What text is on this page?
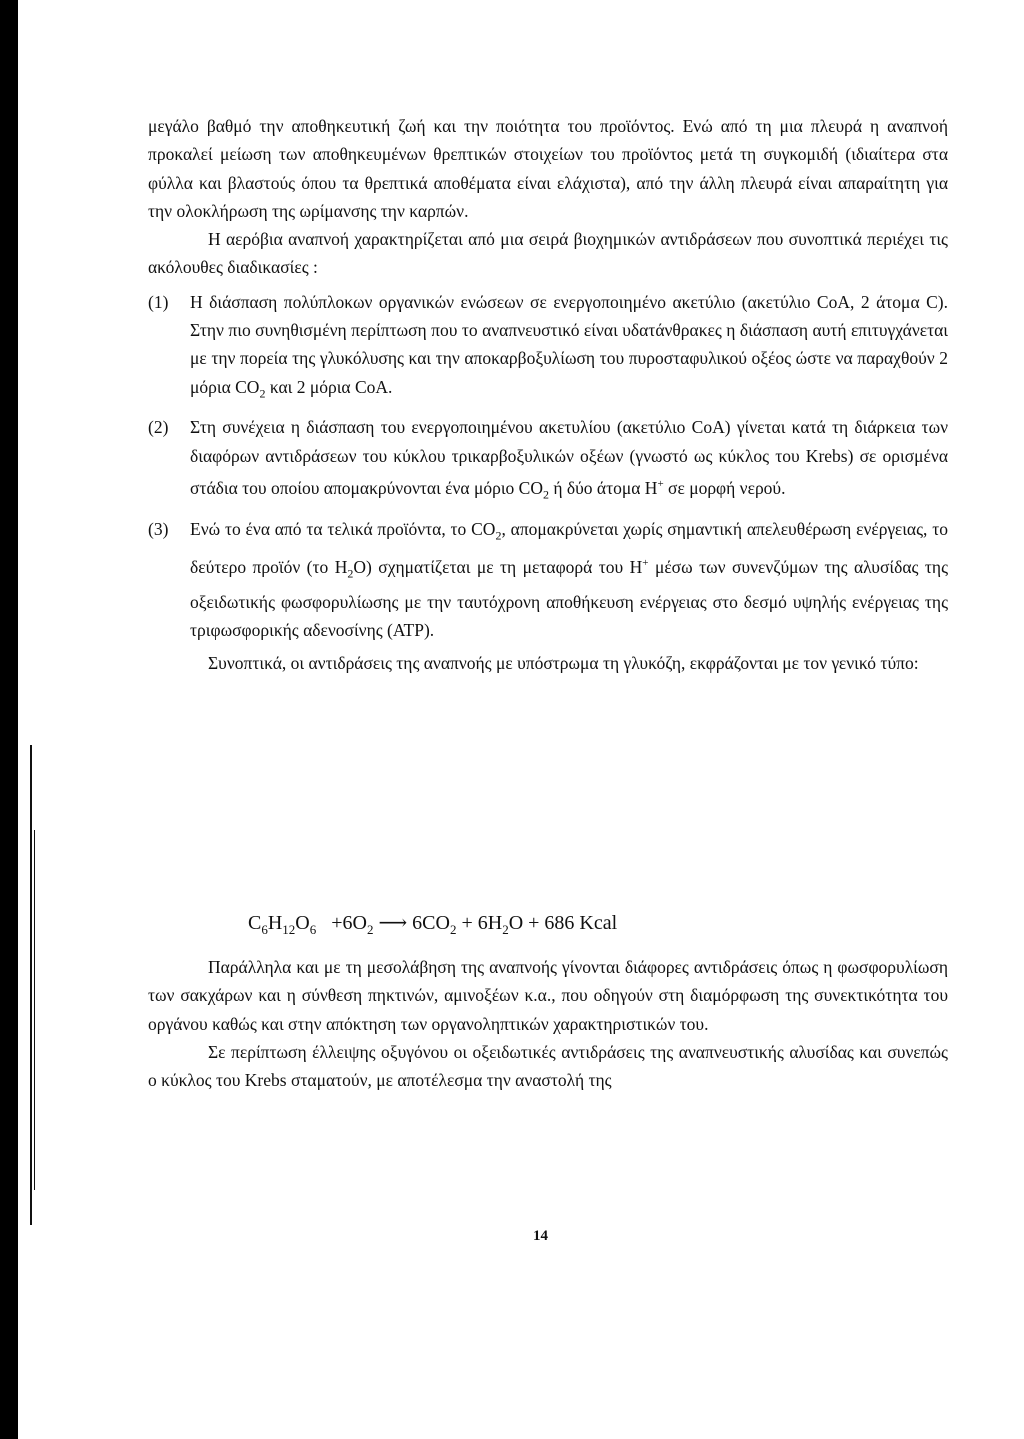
μεγάλο βαθμό την αποθηκευτική ζωή και την ποιότητα του προϊόντος. Ενώ από τη μια πλευρά η αναπνοή προκαλεί μείωση των αποθηκευμένων θρεπτικών στοιχείων του προϊόντος μετά τη συγκομιδή (ιδιαίτερα στα φύλλα και βλαστούς όπου τα θρεπτικά αποθέματα είναι ελάχιστα), από την άλλη πλευρά είναι απαραίτητη για την ολοκλήρωση της ωρίμανσης την καρπών.

Η αερόβια αναπνοή χαρακτηρίζεται από μια σειρά βιοχημικών αντιδράσεων που συνοπτικά περιέχει τις ακόλουθες διαδικασίες :

(1)	Η διάσπαση πολύπλοκων οργανικών ενώσεων σε ενεργοποιημένο ακετύλιο (ακετύλιο CoA, 2 άτομα C). Στην πιο συνηθισμένη περίπτωση που το αναπνευστικό είναι υδατάνθρακες η διάσπαση αυτή επιτυγχάνεται με την πορεία της γλυκόλυσης και την αποκαρβοξυλίωση του πυροσταφυλικού οξέος ώστε να παραχθούν 2 μόρια $CO_2$ και 2 μόρια CoA.
(2)	Στη συνέχεια η διάσπαση του ενεργοποιημένου ακετυλίου (ακετύλιο CoA) γίνεται κατά τη διάρκεια των διαφόρων αντιδράσεων του κύκλου τρικαρβοξυλικών οξέων (γνωστό ως κύκλος του Krebs) σε ορισμένα στάδια του οποίου απομακρύνονται ένα μόριο $CO_2$ ή δύο άτομα H+ σε μορφή νερού.
(3)	Ενώ το ένα από τα τελικά προϊόντα, το $CO_2$, απομακρύνεται χωρίς σημαντική απελευθέρωση ενέργειας, το δεύτερο προϊόν (το $H_2O$) σχηματίζεται με τη μεταφορά του H+ μέσω των συνενζύμων της αλυσίδας της οξειδωτικής φωσφορυλίωσης με την ταυτόχρονη αποθήκευση ενέργειας στο δεσμό υψηλής ενέργειας της τριφωσφορικής αδενοσίνης (ATP).

Συνοπτικά, οι αντιδράσεις της αναπνοής με υπόστρωμα τη γλυκόζη, εκφράζονται με τον γενικό τύπο:

$C_6H_{12}O_6 +6O_2$ ⟶ $6CO_2 + 6H_2O + 686$ Kcal

Παράλληλα και με τη μεσολάβηση της αναπνοής γίνονται διάφορες αντιδράσεις όπως η φωσφορυλίωση των σακχάρων και η σύνθεση πηκτινών, αμινοξέων κ.α., που οδηγούν στη διαμόρφωση της συνεκτικότητα του οργάνου καθώς και στην απόκτηση των οργανοληπτικών χαρακτηριστικών του.

Σε περίπτωση έλλειψης οξυγόνου οι οξειδωτικές αντιδράσεις της αναπνευστικής αλυσίδας και συνεπώς ο κύκλος του Krebs σταματούν, με αποτέλεσμα την αναστολή της

14
